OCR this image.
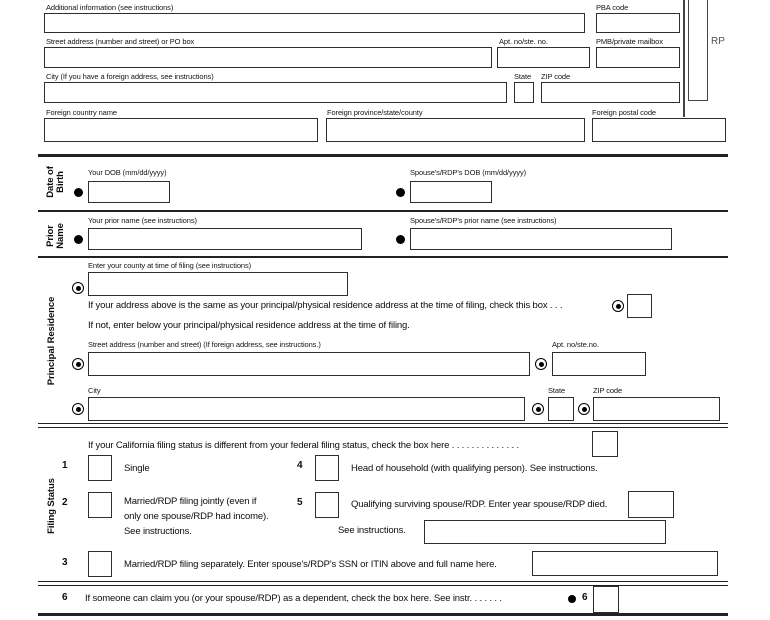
Additional information (see instructions)	PBA code
Street address (number and street) or PO box	Apt. no/ste. no.	PMB/private mailbox
City (If you have a foreign address, see instructions)	State ZIP code
Foreign country name	Foreign province/state/county	Foreign postal code
RP
Date of
Birth	Your DOB (mm/dd/yyyy)	Spouse's/RDP's DOB (mm/dd/yyyy)
Prior
Name
Your prior name (see instructions)	Spouse's/RDP's prior name (see instructions)
Principal Residence
Enter your county at time of filing (see instructions)
If your address above is the same as your principal/physical residence address at the time of filing, check this box . . .
If not, enter below your principal/physical residence address at the time of filing.
Street address (number and street) (If foreign address, see instructions.)	Apt. no/ste.no.
City	State	ZIP code
Filing Status
If your California filing status is different from your federal filing status, check the box here . . . . . . . . . . . . . .
1	Single	4	Head of household (with qualifying person). See instructions.
2	Married/RDP filing jointly (even if
only one spouse/RDP had income).
See instructions.
5	Qualifying surviving spouse/RDP. Enter year spouse/RDP died.
See instructions.
3	Married/RDP filing separately. Enter spouse's/RDP's SSN or ITIN above and full name here.
6 If someone can claim you (or your spouse/RDP) as a dependent, check the box here. See instr. . . . . . .	6
